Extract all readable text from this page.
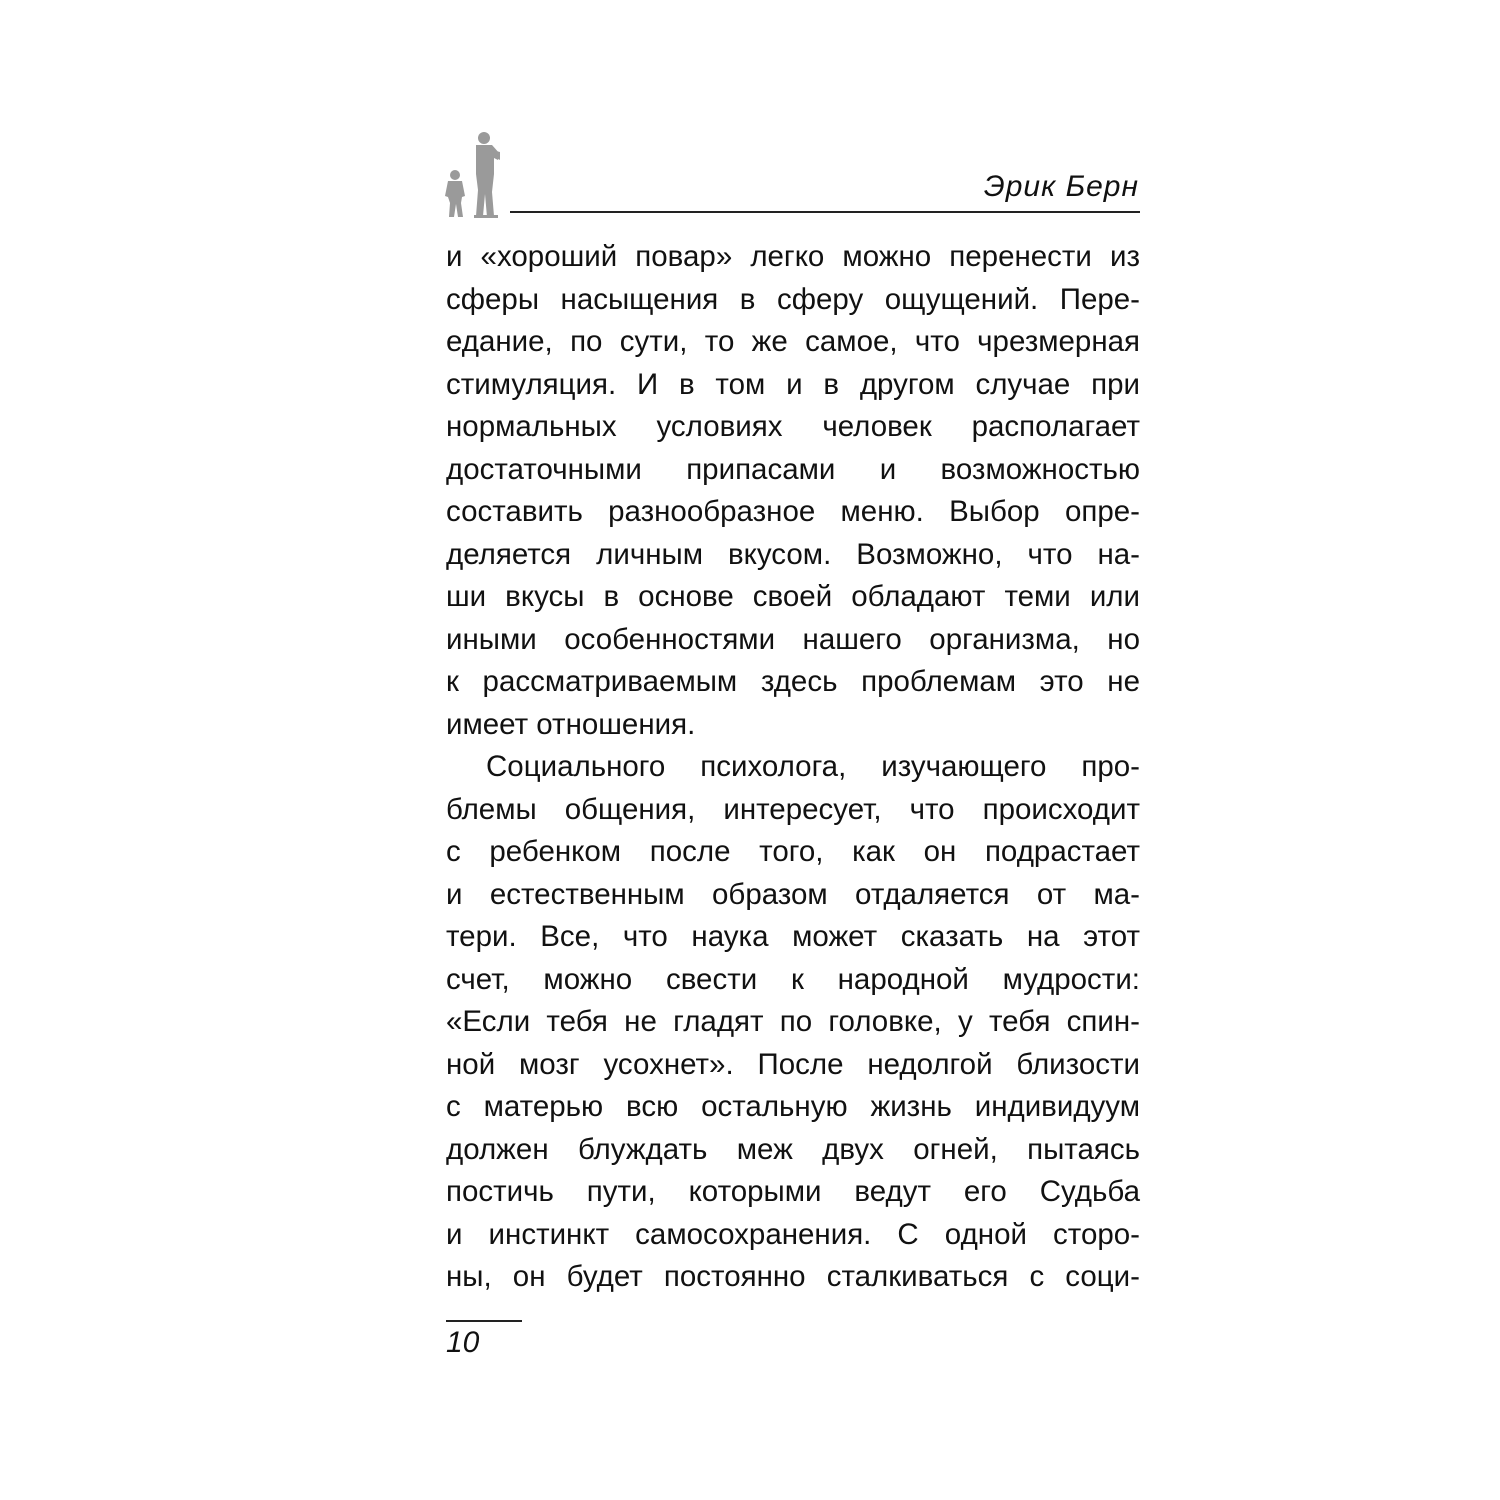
Эрик Берн
и «хороший повар» легко можно перенести из
сферы насыщения в сферу ощущений. Пере-
едание, по сути, то же самое, что чрезмерная
стимуляция. И в том и в другом случае при
нормальных условиях человек располагает
достаточными припасами и возможностью
составить разнообразное меню. Выбор опре-
деляется личным вкусом. Возможно, что на-
ши вкусы в основе своей обладают теми или
иными особенностями нашего организма, но
к рассматриваемым здесь проблемам это не
имеет отношения.
Социального психолога, изучающего про-
блемы общения, интересует, что происходит
с ребенком после того, как он подрастает
и естественным образом отдаляется от ма-
тери. Все, что наука может сказать на этот
счет, можно свести к народной мудрости:
«Если тебя не гладят по головке, у тебя спин-
ной мозг усохнет». После недолгой близости
с матерью всю остальную жизнь индивидуум
должен блуждать меж двух огней, пытаясь
постичь пути, которыми ведут его Судьба
и инстинкт самосохранения. С одной сторо-
ны, он будет постоянно сталкиваться с соци-
10
